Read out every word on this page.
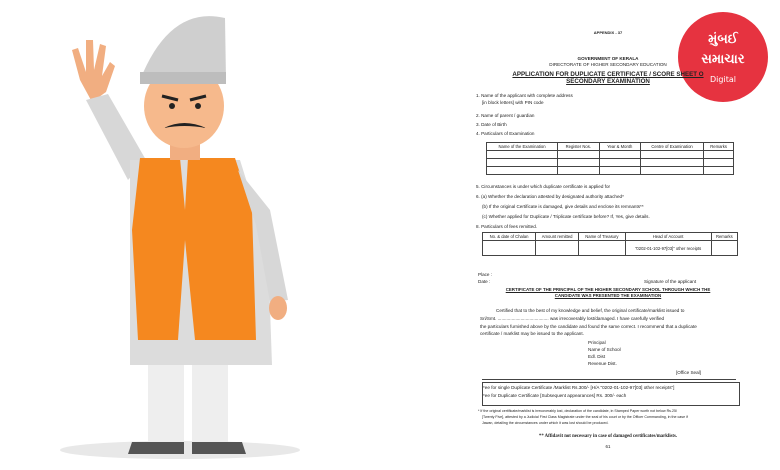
મુંબઈ
સમાચાર
Digital
APPENDIX - 37
GOVERNMENT OF KERALA
DIRECTORATE OF HIGHER SECONDARY EDUCATION
APPLICATION FOR DUPLICATE CERTIFICATE / SCORE SHEET O
SECONDARY EXAMINATION
1. Name of the applicant with complete address
[in block letters] with PIN code
2. Name of parent / guardian
3. Date of Birth
4. Particulars of Examination
Name of the Examination	Register Nos.	Year & Month	Centre of Examination	Remarks

5. Circumstances is under which duplicate certificate is applied for
6. (a) Whether the declaration attested by designated authority attached*
(b) If the original Certificate is damaged, give details and enclose its remnants**
(c) Whether applied for Duplicate / Triplicate certificate before? If, Yes, give details.
8. Particulars of fees remitted.
No. & date of Chalan	Amount remitted	Name of Treasury	Head of Account	Remarks
			"0202-01-102-97[03]" other receipts	
Place :
Date :	Signature of the applicant
CERTIFICATE OF THE PRINCIPAL OF THE HIGHER SECONDARY SCHOOL THROUGH WHICH THE
CANDIDATE WAS PRESENTED THE EXAMINATION
Certified that to the best of my knowledge and belief, the original certificate/marklist issued to
Sri/Smt. ........................................ was irrecoverably lost/damaged. I have carefully verified
the particulars furnished above by the candidate and found the same correct. I recommend that a duplicate
certificate / marklist may be issued to the applicant.
Principal
Name of School
Edl. Dist
Revenue Dist.
[Office Seal]
Fee for single Duplicate Certificate /Marklist Rs.300/- [H/A "0202-01-102-97[03] other receipts"]
Fee for Duplicate Certificate [Subsequent appearances] Rs. 300/- each
* If the original certificate/marklist is irrecoverably lost, declaration of the candidate, in Stamped Paper worth not below Rs.25/
[Twenty Five], attested by a Judicial First Class Magistrate under the seal of his court or by the Officer Commanding, in the case if
Jawan, detailing the circumstances under which it was lost should be produced.
** Affidavit not necessary in case of damaged certificates/marklists.
61
